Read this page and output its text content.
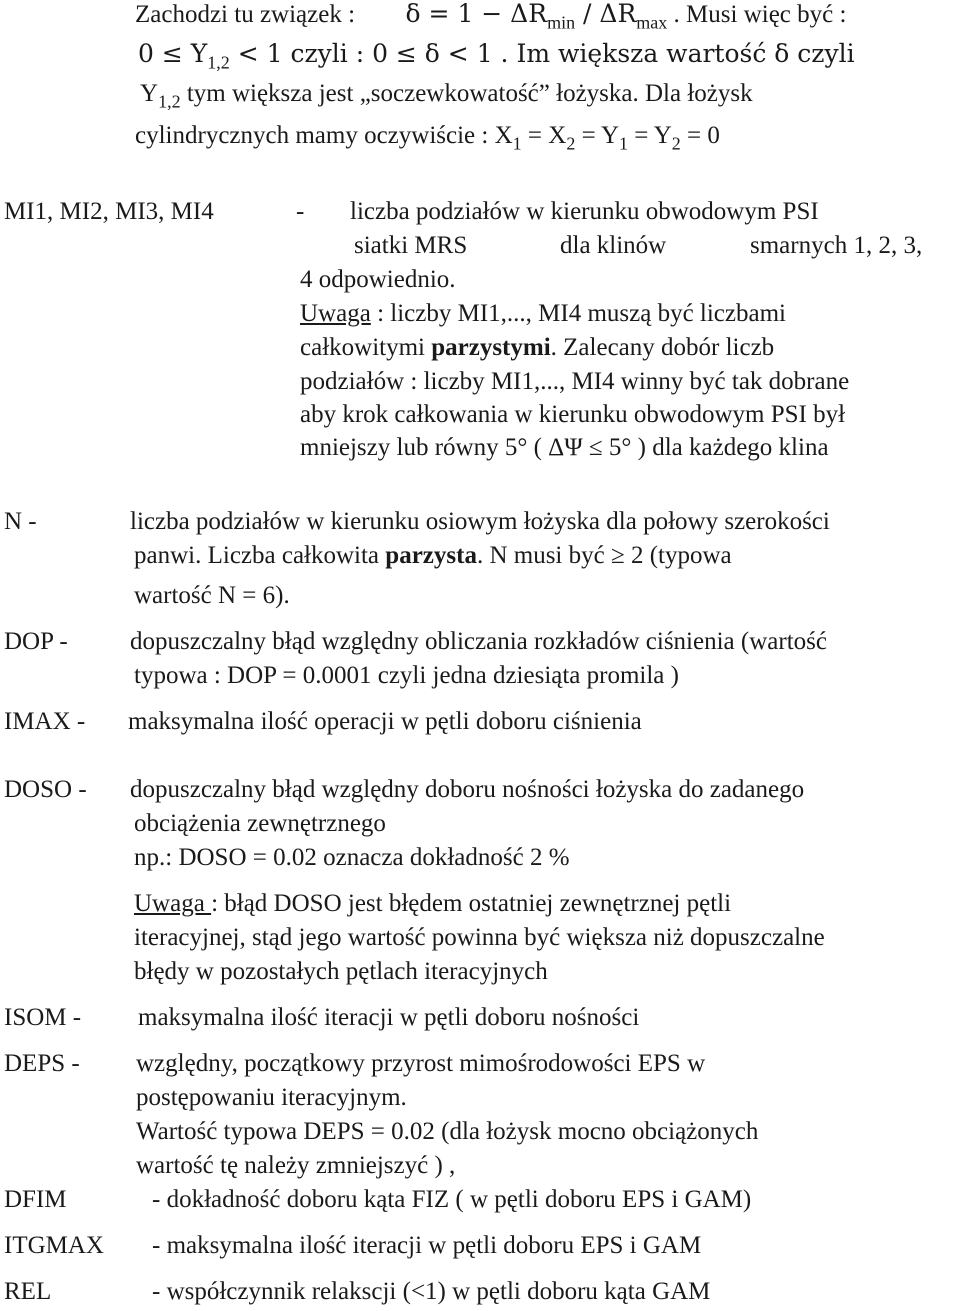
Zachodzi tu związek : $\delta = 1 - \Delta R_{min} / \Delta R_{max}$ . Musi więc być :
$0 \le Y_{1,2} < 1$ czyli : 0 ≤ δ < 1 . Im większa wartość δ czyli
$Y_{1,2}$ tym większa jest „soczewkowatość” łożyska. Dla łożysk
cylindrycznych mamy oczywiście : $X_1 = X_2 = Y_1 = Y_2 = 0$
MI1, MI2, MI3, MI4	- liczba podziałów w kierunku obwodowym PSI
siatki MRS	dla klinów	smarnych 1, 2, 3,
4 odpowiednio.
Uwaga : liczby MI1,..., MI4 muszą być liczbami
całkowitymi parzystymi. Zalecany dobór liczb
podziałów : liczby MI1,..., MI4 winny być tak dobrane
aby krok całkowania w kierunku obwodowym PSI był
mniejszy lub równy 5° ( ΔΨ ≤ 5° ) dla każdego klina
N -	liczba podziałów w kierunku osiowym łożyska dla połowy szerokości
panwi. Liczba całkowita parzysta. N musi być ≥ 2 (typowa
wartość N = 6).
DOP - dopuszczalny błąd względny obliczania rozkładów ciśnienia (wartość
typowa : DOP = 0.0001 czyli jedna dziesiąta promila )
IMAX - maksymalna ilość operacji w pętli doboru ciśnienia
DOSO - dopuszczalny błąd względny doboru nośności łożyska do zadanego
obciążenia zewnętrznego
np.: DOSO = 0.02 oznacza dokładność 2 %
Uwaga : błąd DOSO jest błędem ostatniej zewnętrznej pętli
iteracyjnej, stąd jego wartość powinna być większa niż dopuszczalne
błędy w pozostałych pętlach iteracyjnych
ISOM - maksymalna ilość iteracji w pętli doboru nośności
DEPS - względny, początkowy przyrost mimośrodowości EPS w
postępowaniu iteracyjnym.
Wartość typowa DEPS = 0.02 (dla łożysk mocno obciążonych
wartość tę należy zmniejszyć ) ,
DFIM	- dokładność doboru kąta FIZ ( w pętli doboru EPS i GAM)
ITGMAX - maksymalna ilość iteracji w pętli doboru EPS i GAM
REL	- współczynnik relakscji (<1) w pętli doboru kąta GAM
